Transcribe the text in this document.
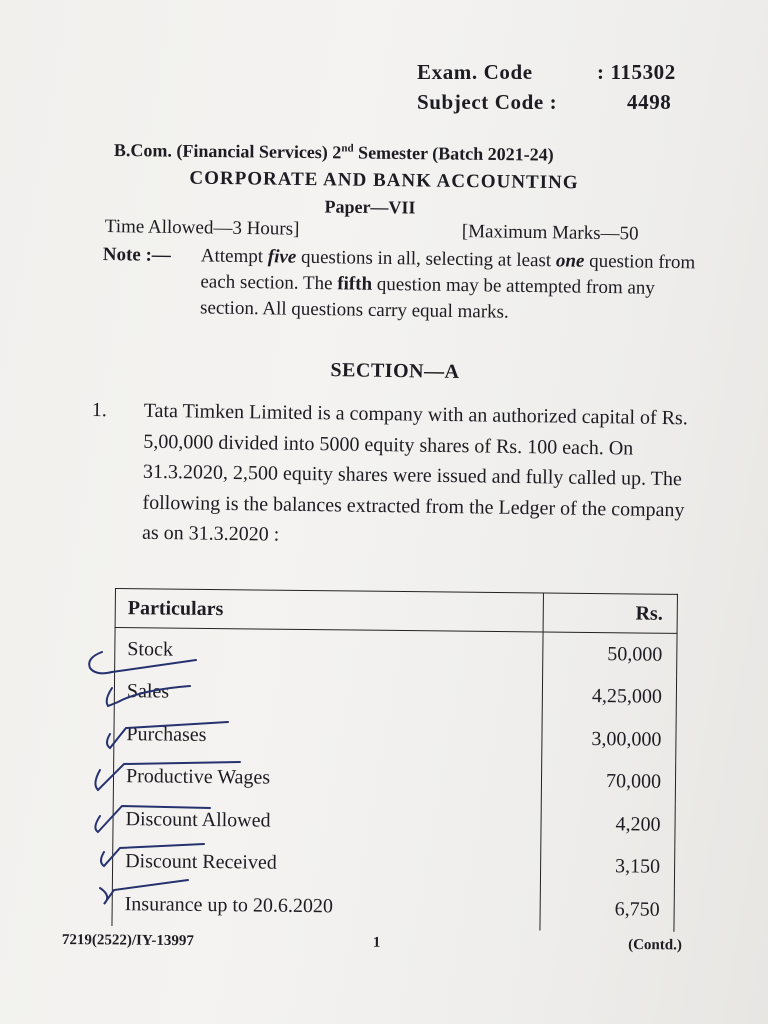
Exam. Code	: 115302
Subject Code :	4498
B.Com. (Financial Services) 2nd Semester (Batch 2021-24)
CORPORATE AND BANK ACCOUNTING
Paper—VII
Time Allowed—3 Hours]	[Maximum Marks—50
Note :— Attempt five questions in all, selecting at least one question from each section. The fifth question may be attempted from any section. All questions carry equal marks.
SECTION—A
1. Tata Timken Limited is a company with an authorized capital of Rs. 5,00,000 divided into 5000 equity shares of Rs. 100 each. On 31.3.2020, 2,500 equity shares were issued and fully called up. The following is the balances extracted from the Ledger of the company as on 31.3.2020 :
Particulars	Rs.
Stock	50,000
Sales	4,25,000
Purchases	3,00,000
Productive Wages	70,000
Discount Allowed	4,200
Discount Received	3,150
Insurance up to 20.6.2020	6,750
7219(2522)/IY-13997	1	(Contd.)
